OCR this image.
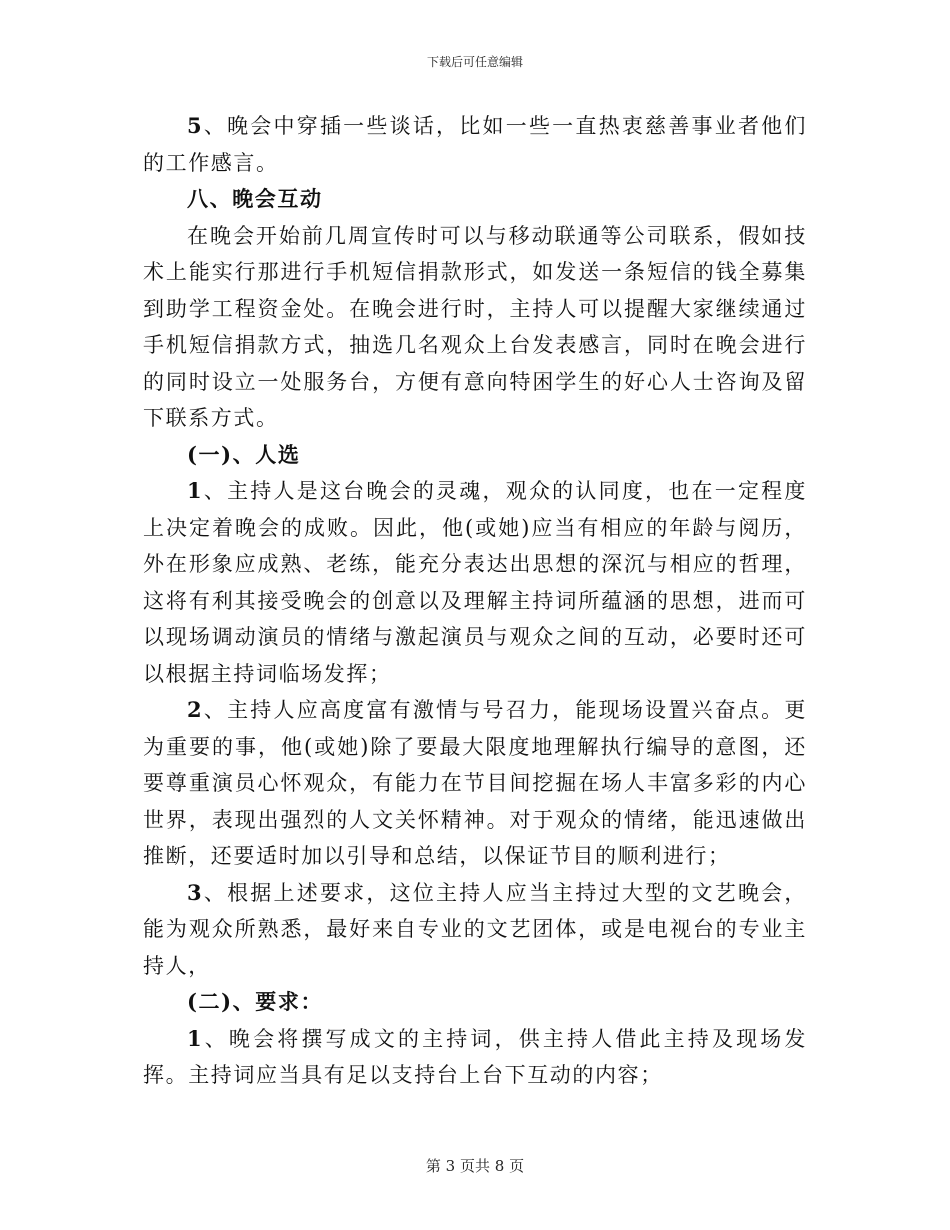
下载后可任意编辑

5、晚会中穿插一些谈话，比如一些一直热衷慈善事业者他们的工作感言。

八、晚会互动

在晚会开始前几周宣传时可以与移动联通等公司联系，假如技术上能实行那进行手机短信捐款形式，如发送一条短信的钱全募集到助学工程资金处。在晚会进行时，主持人可以提醒大家继续通过手机短信捐款方式，抽选几名观众上台发表感言，同时在晚会进行的同时设立一处服务台，方便有意向特困学生的好心人士咨询及留下联系方式。

(一)、人选

1、主持人是这台晚会的灵魂，观众的认同度，也在一定程度上决定着晚会的成败。因此，他(或她)应当有相应的年龄与阅历，外在形象应成熟、老练，能充分表达出思想的深沉与相应的哲理，这将有利其接受晚会的创意以及理解主持词所蕴涵的思想，进而可以现场调动演员的情绪与激起演员与观众之间的互动，必要时还可以根据主持词临场发挥；

2、主持人应高度富有激情与号召力，能现场设置兴奋点。更为重要的事，他(或她)除了要最大限度地理解执行编导的意图，还要尊重演员心怀观众，有能力在节目间挖掘在场人丰富多彩的内心世界，表现出强烈的人文关怀精神。对于观众的情绪，能迅速做出推断，还要适时加以引导和总结，以保证节目的顺利进行；

3、根据上述要求，这位主持人应当主持过大型的文艺晚会，能为观众所熟悉，最好来自专业的文艺团体，或是电视台的专业主持人，

(二)、要求：

1、晚会将撰写成文的主持词，供主持人借此主持及现场发挥。主持词应当具有足以支持台上台下互动的内容；

第 3 页共 8 页
